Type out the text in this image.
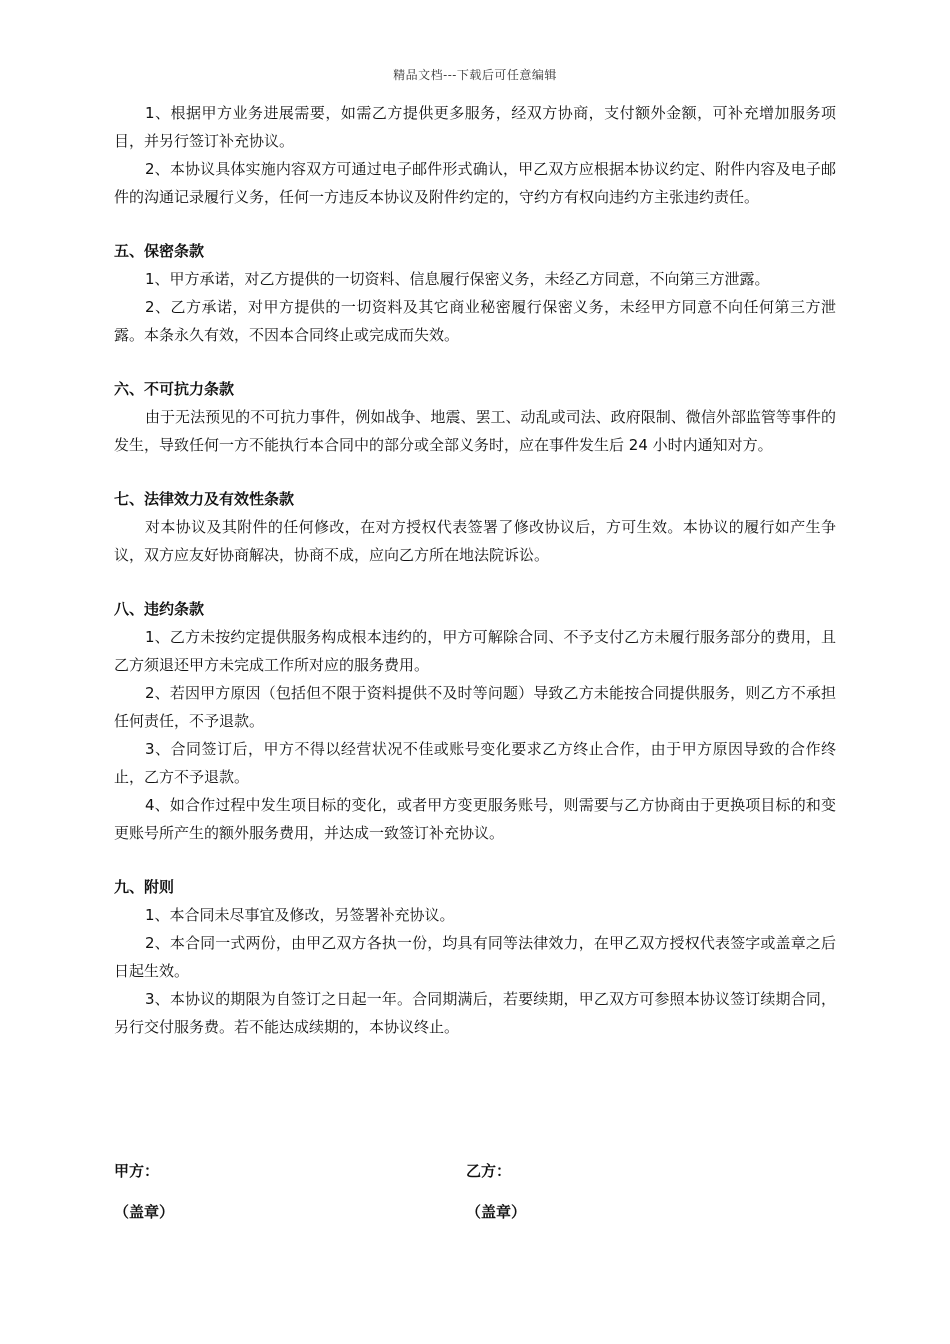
精品文档---下载后可任意编辑

1、根据甲方业务进展需要，如需乙方提供更多服务，经双方协商，支付额外金额，可补充增加服务项目，并另行签订补充协议。

2、本协议具体实施内容双方可通过电子邮件形式确认，甲乙双方应根据本协议约定、附件内容及电子邮件的沟通记录履行义务，任何一方违反本协议及附件约定的，守约方有权向违约方主张违约责任。

五、保密条款

1、甲方承诺，对乙方提供的一切资料、信息履行保密义务，未经乙方同意，不向第三方泄露。

2、乙方承诺，对甲方提供的一切资料及其它商业秘密履行保密义务，未经甲方同意不向任何第三方泄露。本条永久有效，不因本合同终止或完成而失效。

六、不可抗力条款

由于无法预见的不可抗力事件，例如战争、地震、罢工、动乱或司法、政府限制、微信外部监管等事件的发生，导致任何一方不能执行本合同中的部分或全部义务时，应在事件发生后 24 小时内通知对方。

七、法律效力及有效性条款

对本协议及其附件的任何修改，在对方授权代表签署了修改协议后，方可生效。本协议的履行如产生争议，双方应友好协商解决，协商不成，应向乙方所在地法院诉讼。

八、违约条款

1、乙方未按约定提供服务构成根本违约的，甲方可解除合同、不予支付乙方未履行服务部分的费用，且乙方须退还甲方未完成工作所对应的服务费用。

2、若因甲方原因（包括但不限于资料提供不及时等问题）导致乙方未能按合同提供服务，则乙方不承担任何责任，不予退款。

3、合同签订后，甲方不得以经营状况不佳或账号变化要求乙方终止合作，由于甲方原因导致的合作终止，乙方不予退款。

4、如合作过程中发生项目标的变化，或者甲方变更服务账号，则需要与乙方协商由于更换项目标的和变更账号所产生的额外服务费用，并达成一致签订补充协议。

九、附则

1、本合同未尽事宜及修改，另签署补充协议。

2、本合同一式两份，由甲乙双方各执一份，均具有同等法律效力，在甲乙双方授权代表签字或盖章之后日起生效。

3、本协议的期限为自签订之日起一年。合同期满后，若要续期，甲乙双方可参照本协议签订续期合同，另行交付服务费。若不能达成续期的，本协议终止。

甲方：	乙方：
（盖章）	（盖章）
